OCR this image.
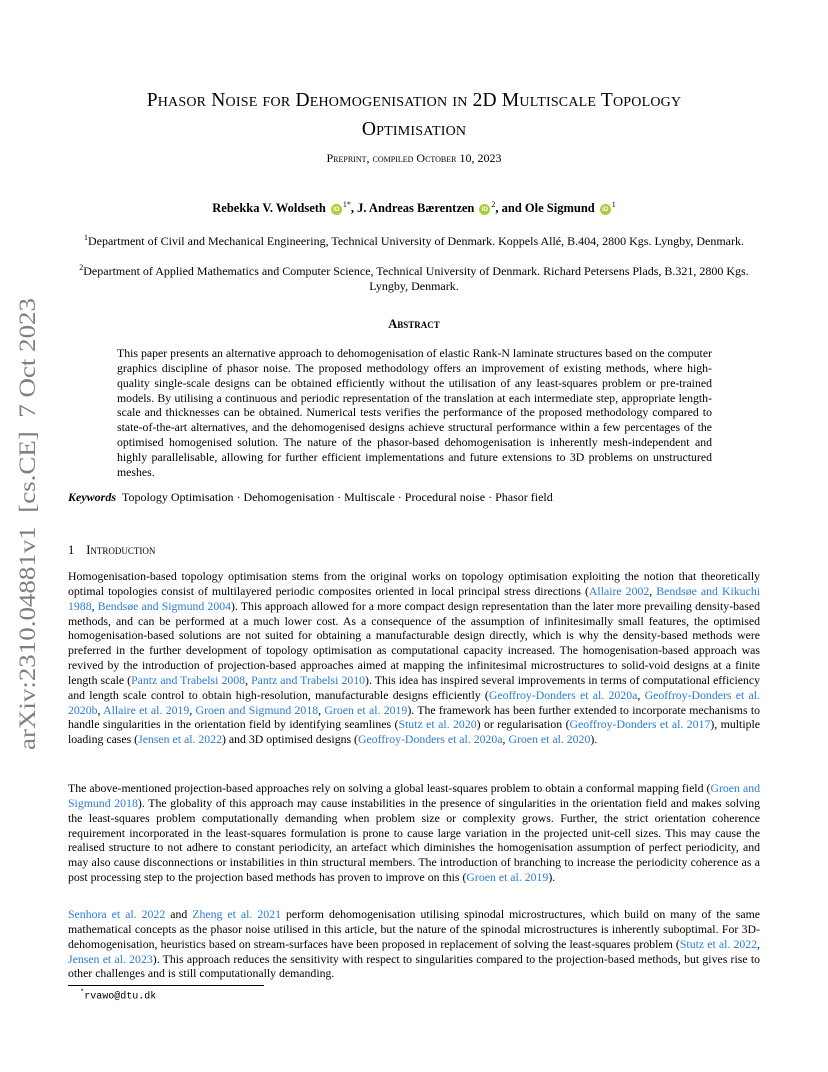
Phasor Noise for Dehomogenisation in 2D Multiscale Topology
Optimisation
Preprint, compiled October 10, 2023
Rebekka V. Woldseth $iD^{1*}$, J. Andreas Bærentzen $iD^2$, and Ole Sigmund $iD^1$
$^1$Department of Civil and Mechanical Engineering, Technical University of Denmark. Koppels Allé, B.404, 2800 Kgs. Lyngby, Denmark.
$^2$Department of Applied Mathematics and Computer Science, Technical University of Denmark. Richard Petersens Plads, B.321, 2800 Kgs. Lyngby, Denmark.
Abstract
This paper presents an alternative approach to dehomogenisation of elastic Rank-N laminate structures based on the computer graphics discipline of phasor noise. The proposed methodology offers an improvement of existing methods, where high-quality single-scale designs can be obtained efficiently without the utilisation of any least-squares problem or pre-trained models. By utilising a continuous and periodic representation of the translation at each intermediate step, appropriate length-scale and thicknesses can be obtained. Numerical tests verifies the performance of the proposed methodology compared to state-of-the-art alternatives, and the dehomogenised designs achieve structural performance within a few percentages of the optimised homogenised solution. The nature of the phasor-based dehomogenisation is inherently mesh-independent and highly parallelisable, allowing for further efficient implementations and future extensions to 3D problems on unstructured meshes.
Keywords Topology Optimisation · Dehomogenisation · Multiscale · Procedural noise · Phasor field
1 Introduction
Homogenisation-based topology optimisation stems from the original works on topology optimisation exploiting the notion that theoretically optimal topologies consist of multilayered periodic composites oriented in local principal stress directions (Allaire 2002, Bendsøe and Kikuchi 1988, Bendsøe and Sigmund 2004). This approach allowed for a more compact design representation than the later more prevailing density-based methods, and can be performed at a much lower cost. As a consequence of the assumption of infinitesimally small features, the optimised homogenisation-based solutions are not suited for obtaining a manufacturable design directly, which is why the density-based methods were preferred in the further development of topology optimisation as computational capacity increased. The homogenisation-based approach was revived by the introduction of projection-based approaches aimed at mapping the infinitesimal microstructures to solid-void designs at a finite length scale (Pantz and Trabelsi 2008, Pantz and Trabelsi 2010). This idea has inspired several improvements in terms of computational efficiency and length scale control to obtain high-resolution, manufacturable designs efficiently (Geoffroy-Donders et al. 2020a, Geoffroy-Donders et al. 2020b, Allaire et al. 2019, Groen and Sigmund 2018, Groen et al. 2019). The framework has been further extended to incorporate mechanisms to handle singularities in the orientation field by identifying seamlines (Stutz et al. 2020) or regularisation (Geoffroy-Donders et al. 2017), multiple loading cases (Jensen et al. 2022) and 3D optimised designs (Geoffroy-Donders et al. 2020a, Groen et al. 2020).
The above-mentioned projection-based approaches rely on solving a global least-squares problem to obtain a conformal mapping field (Groen and Sigmund 2018). The globality of this approach may cause instabilities in the presence of singularities in the orientation field and makes solving the least-squares problem computationally demanding when problem size or complexity grows. Further, the strict orientation coherence requirement incorporated in the least-squares formulation is prone to cause large variation in the projected unit-cell sizes. This may cause the realised structure to not adhere to constant periodicity, an artefact which diminishes the homogenisation assumption of perfect periodicity, and may also cause disconnections or instabilities in thin structural members. The introduction of branching to increase the periodicity coherence as a post processing step to the projection based methods has proven to improve on this (Groen et al. 2019).
Senhora et al. 2022 and Zheng et al. 2021 perform dehomogenisation utilising spinodal microstructures, which build on many of the same mathematical concepts as the phasor noise utilised in this article, but the nature of the spinodal microstructures is inherently suboptimal. For 3D-dehomogenisation, heuristics based on stream-surfaces have been proposed in replacement of solving the least-squares problem (Stutz et al. 2022, Jensen et al. 2023). This approach reduces the sensitivity with respect to singularities compared to the projection-based methods, but gives rise to other challenges and is still computationally demanding.
*rvawo@dtu.dk
arXiv:2310.04881v1  [cs.CE]  7 Oct 2023
